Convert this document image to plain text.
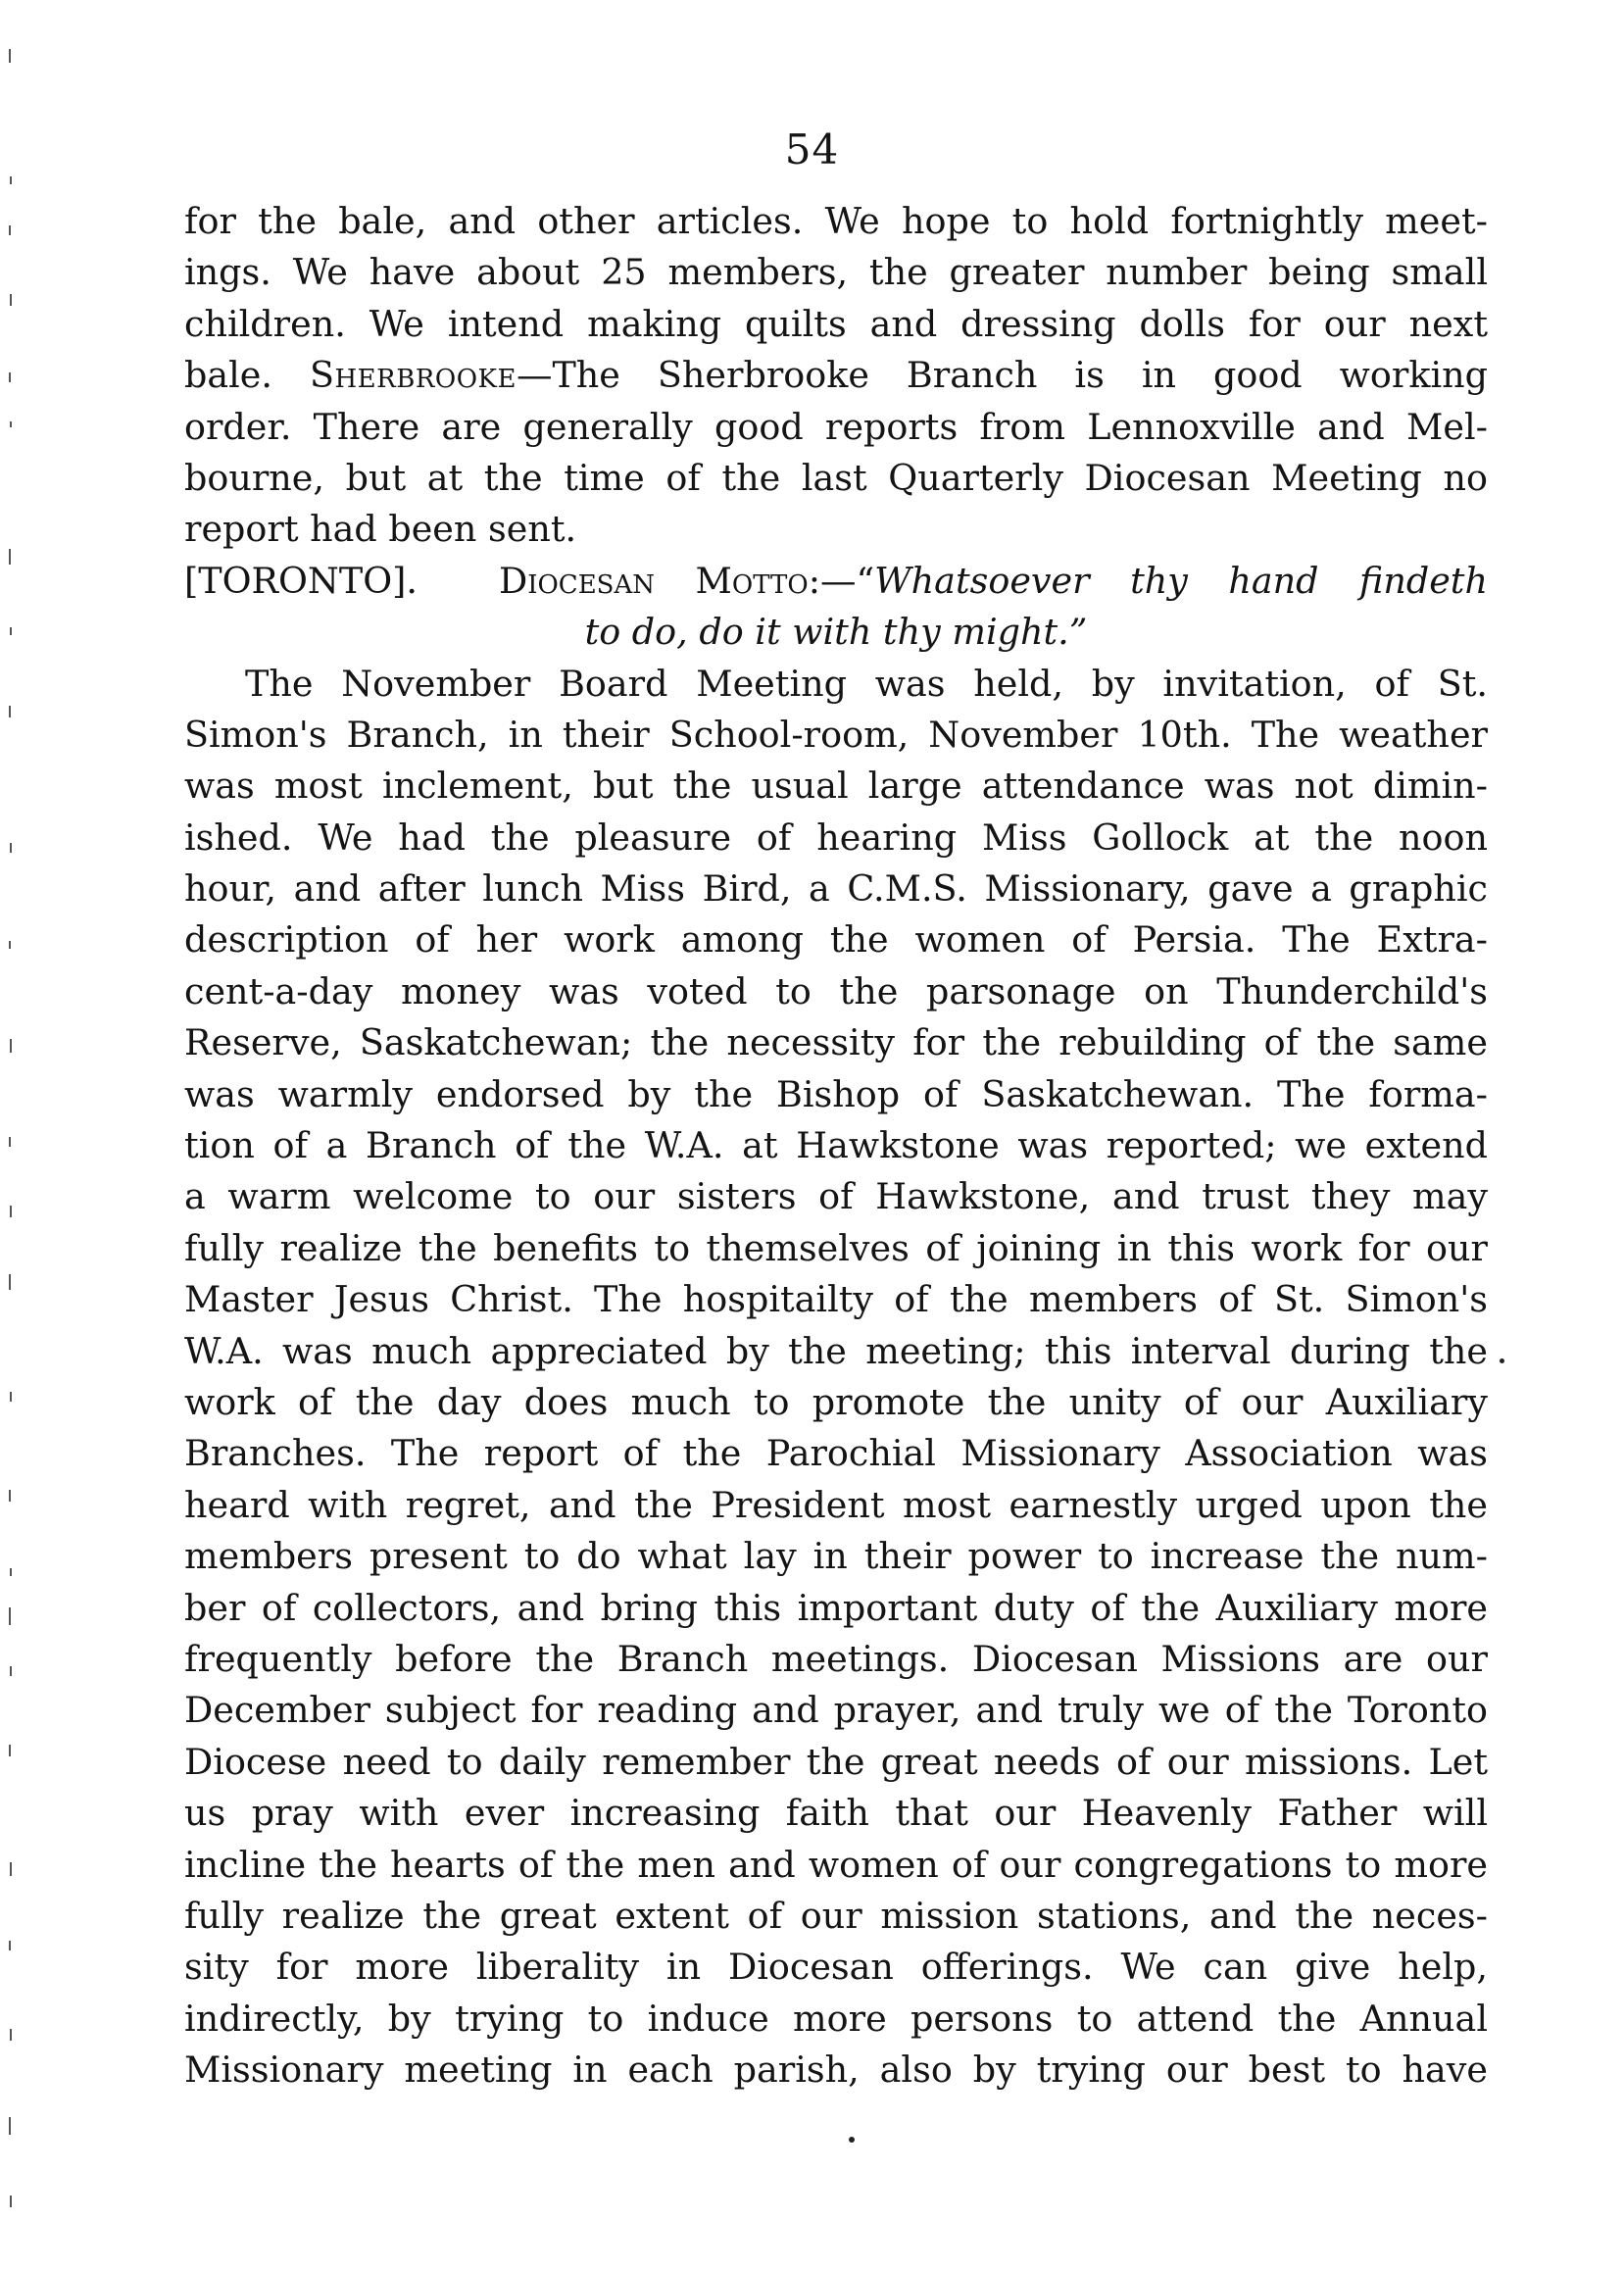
54
for the bale, and other articles. We hope to hold fortnightly meet-
ings. We have about 25 members, the greater number being small
children. We intend making quilts and dressing dolls for our next
bale. Sherbrooke—The Sherbrooke Branch is in good working
order. There are generally good reports from Lennoxville and Mel-
bourne, but at the time of the last Quarterly Diocesan Meeting no
report had been sent.
[TORONTO]. Diocesan Motto:—“Whatsoever thy hand findeth
to do, do it with thy might.”
The November Board Meeting was held, by invitation, of St.
Simon's Branch, in their School-room, November 10th. The weather
was most inclement, but the usual large attendance was not dimin-
ished. We had the pleasure of hearing Miss Gollock at the noon
hour, and after lunch Miss Bird, a C.M.S. Missionary, gave a graphic
description of her work among the women of Persia. The Extra-
cent-a-day money was voted to the parsonage on Thunderchild's
Reserve, Saskatchewan; the necessity for the rebuilding of the same
was warmly endorsed by the Bishop of Saskatchewan. The forma-
tion of a Branch of the W.A. at Hawkstone was reported; we extend
a warm welcome to our sisters of Hawkstone, and trust they may
fully realize the benefits to themselves of joining in this work for our
Master Jesus Christ. The hospitailty of the members of St. Simon's
W.A. was much appreciated by the meeting; this interval during the
work of the day does much to promote the unity of our Auxiliary
Branches. The report of the Parochial Missionary Association was
heard with regret, and the President most earnestly urged upon the
members present to do what lay in their power to increase the num-
ber of collectors, and bring this important duty of the Auxiliary more
frequently before the Branch meetings. Diocesan Missions are our
December subject for reading and prayer, and truly we of the Toronto
Diocese need to daily remember the great needs of our missions. Let
us pray with ever increasing faith that our Heavenly Father will
incline the hearts of the men and women of our congregations to more
fully realize the great extent of our mission stations, and the neces-
sity for more liberality in Diocesan offerings. We can give help,
indirectly, by trying to induce more persons to attend the Annual
Missionary meeting in each parish, also by trying our best to have
